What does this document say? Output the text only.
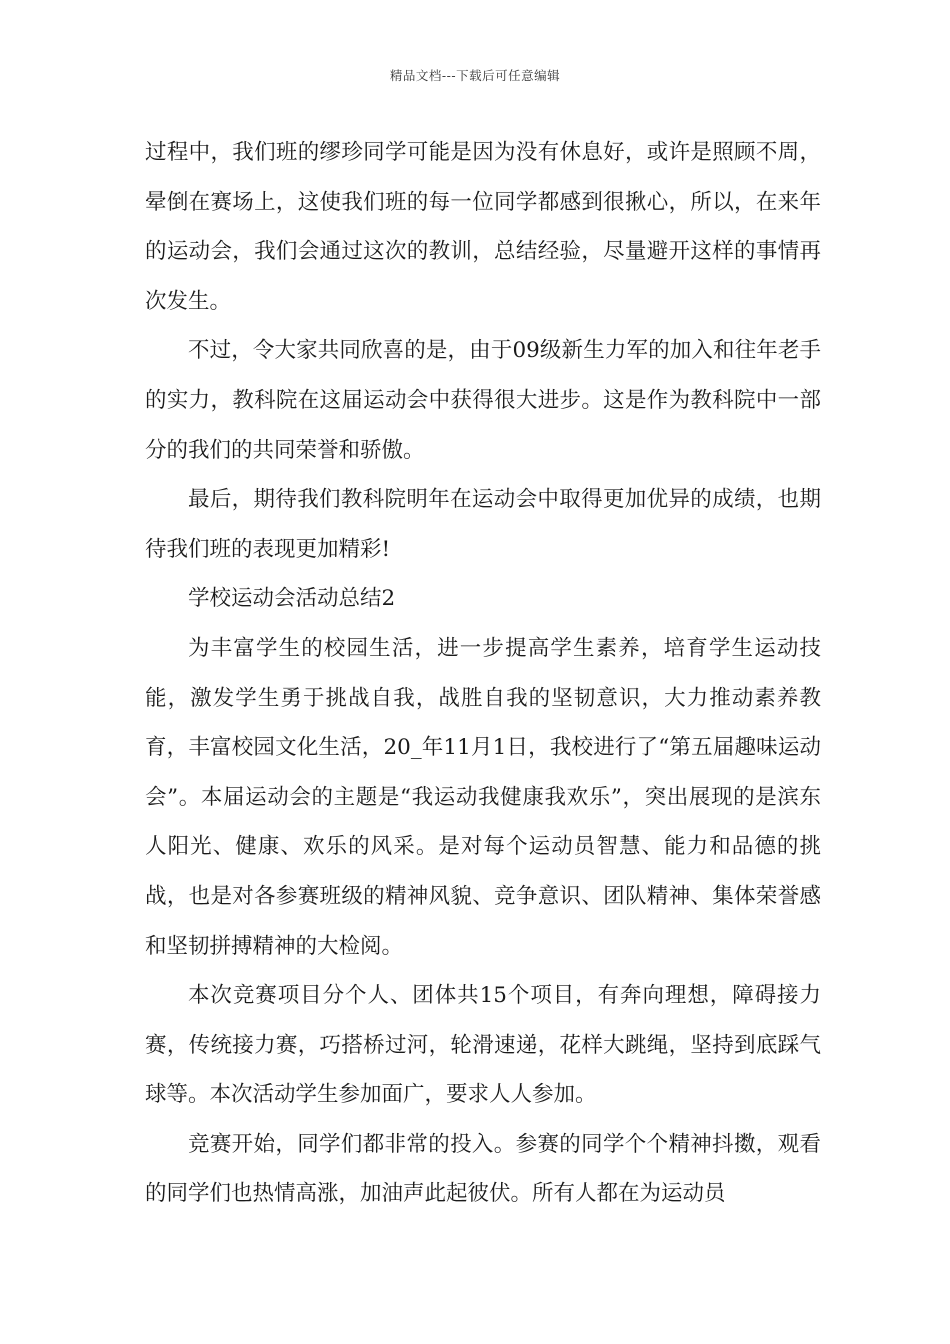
精品文档---下载后可任意编辑

过程中，我们班的缪珍同学可能是因为没有休息好，或许是照顾不周，晕倒在赛场上，这使我们班的每一位同学都感到很揪心，所以，在来年的运动会，我们会通过这次的教训，总结经验，尽量避开这样的事情再次发生。

不过，令大家共同欣喜的是，由于09级新生力军的加入和往年老手的实力，教科院在这届运动会中获得很大进步。这是作为教科院中一部分的我们的共同荣誉和骄傲。

最后，期待我们教科院明年在运动会中取得更加优异的成绩，也期待我们班的表现更加精彩!

学校运动会活动总结2

为丰富学生的校园生活，进一步提高学生素养，培育学生运动技能，激发学生勇于挑战自我，战胜自我的坚韧意识，大力推动素养教育，丰富校园文化生活，20_年11月1日，我校进行了“第五届趣味运动会”。本届运动会的主题是“我运动我健康我欢乐”，突出展现的是滨东人阳光、健康、欢乐的风采。是对每个运动员智慧、能力和品德的挑战，也是对各参赛班级的精神风貌、竞争意识、团队精神、集体荣誉感和坚韧拼搏精神的大检阅。

本次竞赛项目分个人、团体共15个项目，有奔向理想，障碍接力赛，传统接力赛，巧搭桥过河，轮滑速递，花样大跳绳，坚持到底踩气球等。本次活动学生参加面广，要求人人参加。

竞赛开始，同学们都非常的投入。参赛的同学个个精神抖擞，观看的同学们也热情高涨，加油声此起彼伏。所有人都在为运动员
